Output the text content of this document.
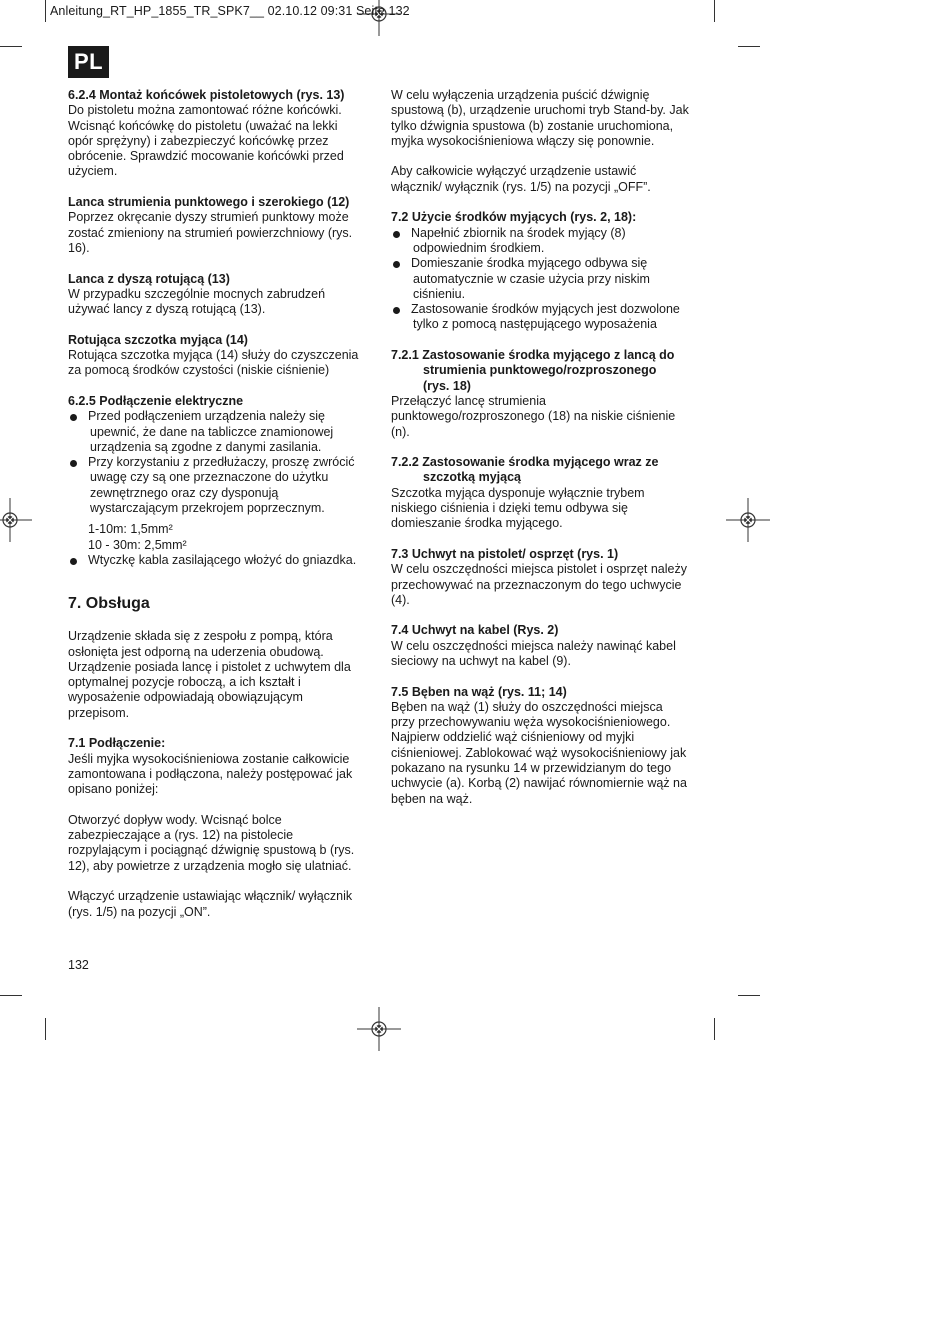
Anleitung_RT_HP_1855_TR_SPK7__ 02.10.12 09:31 Seite 132
PL
6.2.4 Montaż końcówek pistoletowych (rys. 13)

Do pistoletu można zamontować różne końcówki.

Wcisnąć końcówkę do pistoletu (uważać na lekki

opór sprężyny) i zabezpieczyć końcówkę przez

obrócenie. Sprawdzić mocowanie końcówki przed

użyciem.

Lanca strumienia punktowego i szerokiego (12)

Poprzez okręcanie dyszy strumień punktowy może

zostać zmieniony na strumień powierzchniowy (rys.

16).

Lanca z dyszą rotującą (13)

W przypadku szczególnie mocnych zabrudzeń

używać lancy z dyszą rotującą (13).

Rotująca szczotka myjąca (14)

Rotująca szczotka myjąca (14) służy do czyszczenia

za pomocą środków czystości (niskie ciśnienie)

6.2.5 Podłączenie elektryczne

Przed podłączeniem urządzenia należy się

upewnić, że dane na tabliczce znamionowej

urządzenia są zgodne z danymi zasilania.

Przy korzystaniu z przedłużaczy, proszę zwrócić

uwagę czy są one przeznaczone do użytku

zewnętrznego oraz czy dysponują

wystarczającym przekrojem poprzecznym.

1-10m: 1,5mm²

10 - 30m: 2,5mm²

Wtyczkę kabla zasilającego włożyć do gniazdka.

7. Obsługa

Urządzenie składa się z zespołu z pompą, która

osłonięta jest odporną na uderzenia obudową.

Urządzenie posiada lancę i pistolet z uchwytem dla

optymalnej pozycje roboczą, a ich kształt i

wyposażenie odpowiadają obowiązującym

przepisom.

7.1 Podłączenie:

Jeśli myjka wysokociśnieniowa zostanie całkowicie

zamontowana i podłączona, należy postępować jak

opisano poniżej:

Otworzyć dopływ wody. Wcisnąć bolce

zabezpieczające a (rys. 12) na pistolecie

rozpylającym i pociągnąć dźwignię spustową b (rys.

12), aby powietrze z urządzenia mogło się ulatniać.

Włączyć urządzenie ustawiając włącznik/ wyłącznik

(rys. 1/5) na pozycji „ON”.

W celu wyłączenia urządzenia puścić dźwignię

spustową (b), urządzenie uruchomi tryb Stand-by. Jak

tylko dźwignia spustowa (b) zostanie uruchomiona,

myjka wysokociśnieniowa włączy się ponownie.

Aby całkowicie wyłączyć urządzenie ustawić

włącznik/ wyłącznik (rys. 1/5) na pozycji „OFF”.

7.2 Użycie środków myjących (rys. 2, 18):

Napełnić zbiornik na środek myjący (8)

odpowiednim środkiem.

Domieszanie środka myjącego odbywa się

automatycznie w czasie użycia przy niskim

ciśnieniu.

Zastosowanie środków myjących jest dozwolone

tylko z pomocą następującego wyposażenia

7.2.1 Zastosowanie środka myjącego z lancą do
strumienia punktowego/rozproszonego
(rys. 18)

Przełączyć lancę strumienia

punktowego/rozproszonego (18) na niskie ciśnienie

(n).

7.2.2 Zastosowanie środka myjącego wraz ze
szczotką myjącą

Szczotka myjąca dysponuje wyłącznie trybem

niskiego ciśnienia i dzięki temu odbywa się

domieszanie środka myjącego.

7.3 Uchwyt na pistolet/ osprzęt (rys. 1)

W celu oszczędności miejsca pistolet i osprzęt należy

przechowywać na przeznaczonym do tego uchwycie

(4).

7.4 Uchwyt na kabel (Rys. 2)

W celu oszczędności miejsca należy nawinąć kabel

sieciowy na uchwyt na kabel (9).

7.5 Bęben na wąż (rys. 11; 14)

Bęben na wąż (1) służy do oszczędności miejsca

przy przechowywaniu węża wysokociśnieniowego.

Najpierw oddzielić wąż ciśnieniowy od myjki

ciśnieniowej. Zablokować wąż wysokociśnieniowy jak

pokazano na rysunku 14 w przewidzianym do tego

uchwycie (a). Korbą (2) nawijać równomiernie wąż na

bęben na wąż.

132
